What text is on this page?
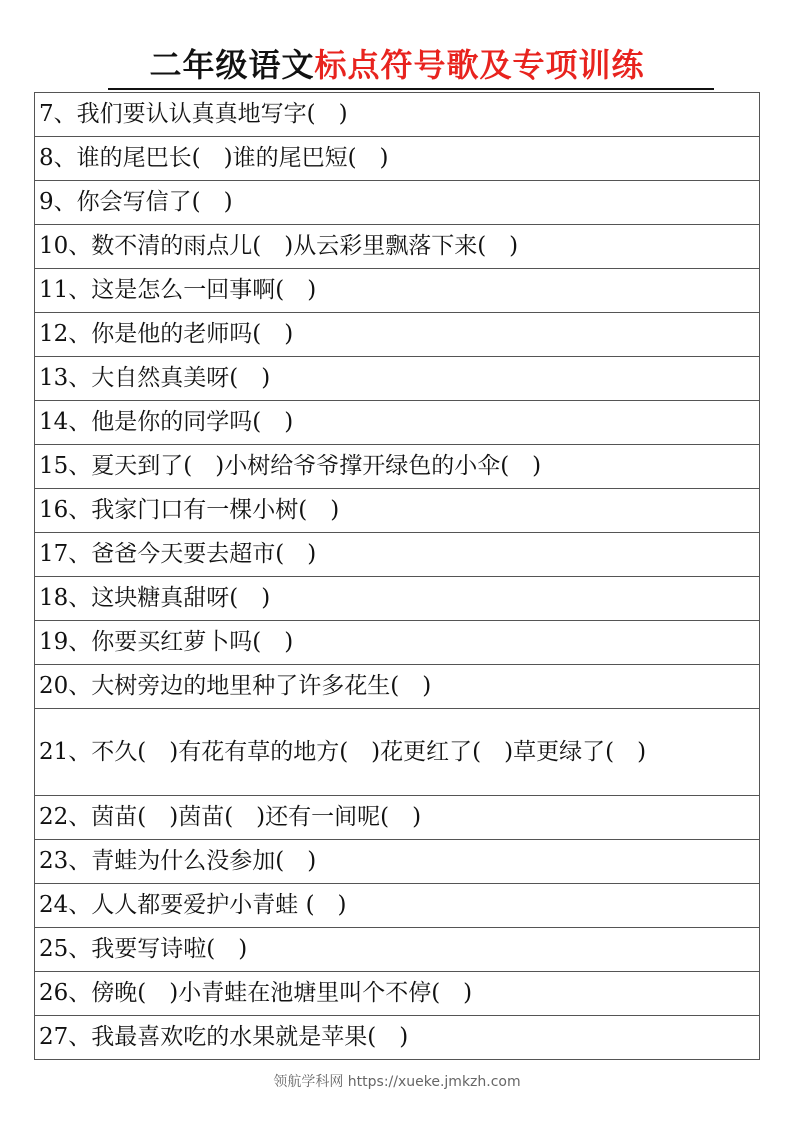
二年级语文标点符号歌及专项训练
7、我们要认认真真地写字(　)
8、谁的尾巴长(　)谁的尾巴短(　)
9、你会写信了(　)
10、数不清的雨点儿(　)从云彩里飘落下来(　)
11、这是怎么一回事啊(　)
12、你是他的老师吗(　)
13、大自然真美呀(　)
14、他是你的同学吗(　)
15、夏天到了(　)小树给爷爷撑开绿色的小伞(　)
16、我家门口有一棵小树(　)
17、爸爸今天要去超市(　)
18、这块糖真甜呀(　)
19、你要买红萝卜吗(　)
20、大树旁边的地里种了许多花生(　)
21、不久(　)有花有草的地方(　)花更红了(　)草更绿了(　)
22、茵苗(　)茵苗(　)还有一间呢(　)
23、青蛙为什么没参加(　)
24、人人都要爱护小青蛙 (　)
25、我要写诗啦(　)
26、傍晚(　)小青蛙在池塘里叫个不停(　)
27、我最喜欢吃的水果就是苹果(　)
领航学科网 https://xueke.jmkzh.com
